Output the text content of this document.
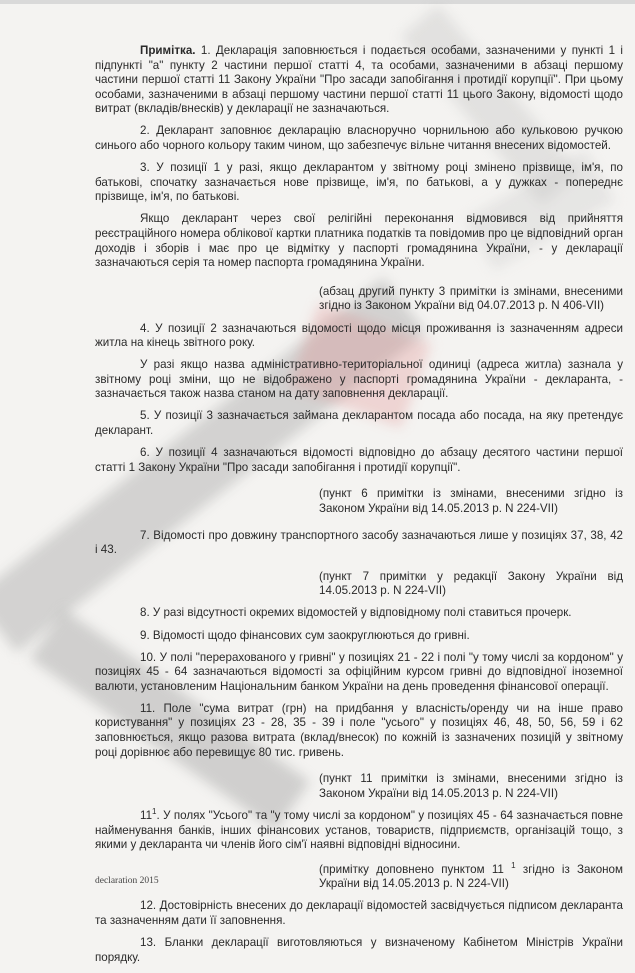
Примітка. 1. Декларація заповнюється і подається особами, зазначеними у пункті 1 і підпункті "а" пункту 2 частини першої статті 4, та особами, зазначеними в абзаці першому частини першої статті 11 Закону України "Про засади запобігання і протидії корупції". При цьому особами, зазначеними в абзаці першому частини першої статті 11 цього Закону, відомості щодо витрат (вкладів/внесків) у декларації не зазначаються.

2. Декларант заповнює декларацію власноручно чорнильною або кульковою ручкою синього або чорного кольору таким чином, що забезпечує вільне читання внесених відомостей.

3. У позиції 1 у разі, якщо декларантом у звітному році змінено прізвище, ім'я, по батькові, спочатку зазначається нове прізвище, ім'я, по батькові, а у дужках - попереднє прізвище, ім'я, по батькові.

Якщо декларант через свої релігійні переконання відмовився від прийняття реєстраційного номера облікової картки платника податків та повідомив про це відповідний орган доходів і зборів і має про це відмітку у паспорті громадянина України, - у декларації зазначаються серія та номер паспорта громадянина України.

(абзац другий пункту 3 примітки із змінами, внесеними згідно із Законом України від 04.07.2013 р. N 406-VII)

4. У позиції 2 зазначаються відомості щодо місця проживання із зазначенням адреси житла на кінець звітного року.

У разі якщо назва адміністративно-територіальної одиниці (адреса житла) зазнала у звітному році зміни, що не відображено у паспорті громадянина України - декларанта, - зазначається також назва станом на дату заповнення декларації.

5. У позиції 3 зазначається займана декларантом посада або посада, на яку претендує декларант.

6. У позиції 4 зазначаються відомості відповідно до абзацу десятого частини першої статті 1 Закону України "Про засади запобігання і протидії корупції".

(пункт 6 примітки із змінами, внесеними згідно із Законом України від 14.05.2013 р. N 224-VII)

7. Відомості про довжину транспортного засобу зазначаються лише у позиціях 37, 38, 42 і 43.

(пункт 7 примітки у редакції Закону України від 14.05.2013 р. N 224-VII)

8. У разі відсутності окремих відомостей у відповідному полі ставиться прочерк.

9. Відомості щодо фінансових сум заокруглюються до гривні.

10. У полі "перерахованого у гривні" у позиціях 21 - 22 і полі "у тому числі за кордоном" у позиціях 45 - 64 зазначаються відомості за офіційним курсом гривні до відповідної іноземної валюти, установленим Національним банком України на день проведення фінансової операції.

11. Поле "сума витрат (грн) на придбання у власність/оренду чи на інше право користування" у позиціях 23 - 28, 35 - 39 і поле "усього" у позиціях 46, 48, 50, 56, 59 і 62 заповнюється, якщо разова витрата (вклад/внесок) по кожній із зазначених позицій у звітному році дорівнює або перевищує 80 тис. гривень.

(пункт 11 примітки із змінами, внесеними згідно із Законом України від 14.05.2013 р. N 224-VII)

$11^1$. У полях "Усього" та "у тому числі за кордоном" у позиціях 45 - 64 зазначається повне найменування банків, інших фінансових установ, товариств, підприємств, організацій тощо, з якими у декларанта чи членів його сім'ї наявні відповідні відносини.

(примітку доповнено пунктом 11 $^1$ згідно із Законом України від 14.05.2013 р. N 224-VII)

12. Достовірність внесених до декларації відомостей засвідчується підписом декларанта та зазначенням дати її заповнення.

13. Бланки декларації виготовляються у визначеному Кабінетом Міністрів України порядку.

declaration 2015
